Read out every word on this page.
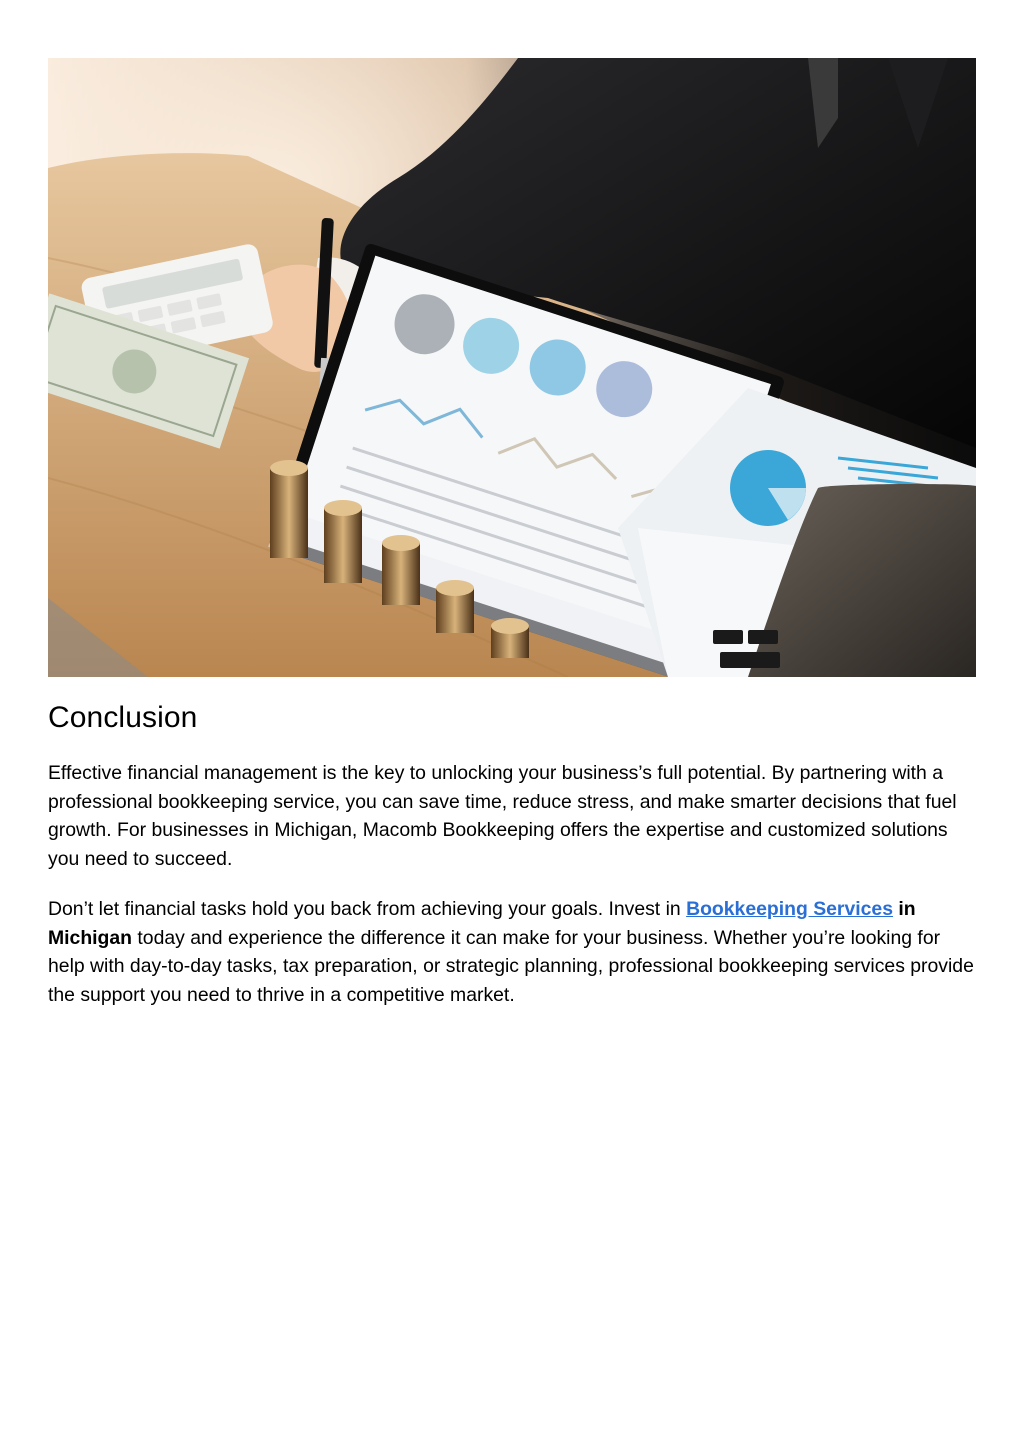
Conclusion

Effective financial management is the key to unlocking your business’s full potential. By partnering with a professional bookkeeping service, you can save time, reduce stress, and make smarter decisions that fuel growth. For businesses in Michigan, Macomb Bookkeeping offers the expertise and customized solutions you need to succeed.

Don’t let financial tasks hold you back from achieving your goals. Invest in Bookkeeping Services in Michigan today and experience the difference it can make for your business. Whether you’re looking for help with day-to-day tasks, tax preparation, or strategic planning, professional bookkeeping services provide the support you need to thrive in a competitive market.
